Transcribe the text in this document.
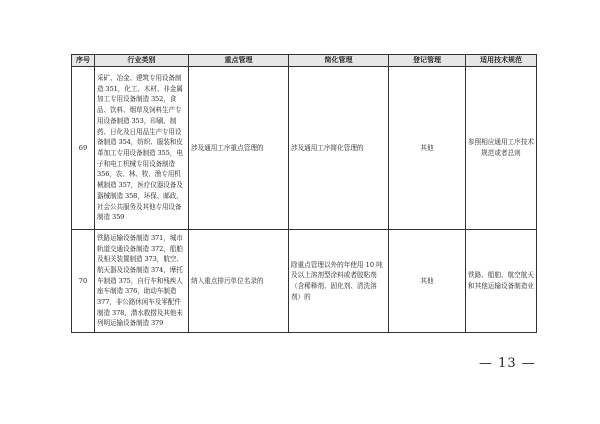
序号	行业类别	重点管理	简化管理	登记管理	适用技术规范
69	采矿、冶金、建筑专用设备制造 351，化工、木材、非金属加工专用设备制造 352，食品、饮料、烟草及饲料生产专用设备制造 353，印刷、制药、日化及日用品生产专用设备制造 354，纺织、服装和皮革加工专用设备制造 355，电子和电工机械专用设备制造 356，农、林、牧、渔专用机械制造 357，医疗仪器设备及器械制造 358，环保、邮政、社会公共服务及其他专用设备制造 359	涉及通用工序重点管理的	涉及通用工序简化管理的	其他	参照相应通用工序技术规范或者总则
70	铁路运输设备制造 371，城市轨道交通设备制造 372，船舶及相关装置制造 373，航空、航天器及设备制造 374，摩托车制造 375，自行车和残疾人座车制造 376，助动车制造 377，非公路休闲车及零配件制造 378，潜水救捞及其他未列明运输设备制造 379	纳入重点排污单位名录的	除重点管理以外的年使用 10 吨及以上溶剂型涂料或者胶粘剂（含稀释剂、固化剂、清洗溶剂）的	其他	铁路、船舶、航空航天和其他运输设备制造业
— 13 —
